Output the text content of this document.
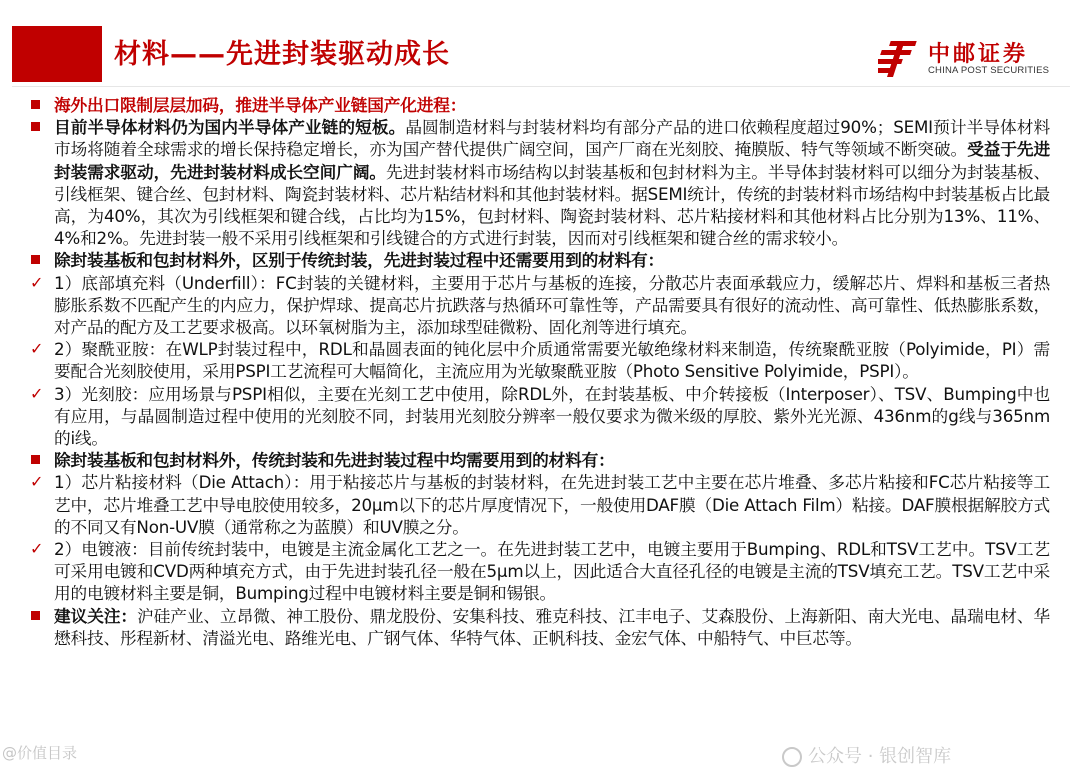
材料——先进封装驱动成长	中邮证券
CHINA POST SECURITIES

海外出口限制层层加码，推进半导体产业链国产化进程：

目前半导体材料仍为国内半导体产业链的短板。晶圆制造材料与封装材料均有部分产品的进口依赖程度超过90%；SEMI预计半导体材料市场将随着全球需求的增长保持稳定增长，亦为国产替代提供广阔空间，国产厂商在光刻胶、掩膜版、特气等领域不断突破。受益于先进封装需求驱动，先进封装材料成长空间广阔。先进封装材料市场结构以封装基板和包封材料为主。半导体封装材料可以细分为封装基板、引线框架、键合丝、包封材料、陶瓷封装材料、芯片粘结材料和其他封装材料。据SEMI统计，传统的封装材料市场结构中封装基板占比最高，为40%，其次为引线框架和键合线，占比均为15%，包封材料、陶瓷封装材料、芯片粘接材料和其他材料占比分别为13%、11%、4%和2%。先进封装一般不采用引线框架和引线键合的方式进行封装，因而对引线框架和键合丝的需求较小。

除封装基板和包封材料外，区别于传统封装，先进封装过程中还需要用到的材料有：

✓ 1）底部填充料（Underfill）：FC封装的关键材料，主要用于芯片与基板的连接，分散芯片表面承载应力，缓解芯片、焊料和基板三者热膨胀系数不匹配产生的内应力，保护焊球、提高芯片抗跌落与热循环可靠性等，产品需要具有很好的流动性、高可靠性、低热膨胀系数，对产品的配方及工艺要求极高。以环氧树脂为主，添加球型硅微粉、固化剂等进行填充。

✓ 2）聚酰亚胺：在WLP封装过程中，RDL和晶圆表面的钝化层中介质通常需要光敏绝缘材料来制造，传统聚酰亚胺（Polyimide，PI）需要配合光刻胶使用，采用PSPI工艺流程可大幅简化，主流应用为光敏聚酰亚胺（Photo Sensitive Polyimide，PSPI）。

✓ 3）光刻胶：应用场景与PSPI相似，主要在光刻工艺中使用，除RDL外，在封装基板、中介转接板（Interposer）、TSV、Bumping中也有应用，与晶圆制造过程中使用的光刻胶不同，封装用光刻胶分辨率一般仅要求为微米级的厚胶、紫外光光源、436nm的g线与365nm的i线。

除封装基板和包封材料外，传统封装和先进封装过程中均需要用到的材料有：

✓ 1）芯片粘接材料（Die Attach）：用于粘接芯片与基板的封装材料，在先进封装工艺中主要在芯片堆叠、多芯片粘接和FC芯片粘接等工艺中，芯片堆叠工艺中导电胶使用较多，20μm以下的芯片厚度情况下，一般使用DAF膜（Die Attach Film）粘接。DAF膜根据解胶方式的不同又有Non-UV膜（通常称之为蓝膜）和UV膜之分。

✓ 2）电镀液：目前传统封装中，电镀是主流金属化工艺之一。在先进封装工艺中，电镀主要用于Bumping、RDL和TSV工艺中。TSV工艺可采用电镀和CVD两种填充方式，由于先进封装孔径一般在5μm以上，因此适合大直径孔径的电镀是主流的TSV填充工艺。TSV工艺中采用的电镀材料主要是铜，Bumping过程中电镀材料主要是铜和锡银。

建议关注：沪硅产业、立昂微、神工股份、鼎龙股份、安集科技、雅克科技、江丰电子、艾森股份、上海新阳、南大光电、晶瑞电材、华懋科技、彤程新材、清溢光电、路维光电、广钢气体、华特气体、正帆科技、金宏气体、中船特气、中巨芯等。

@价值目录	公众号 · 银创智库
